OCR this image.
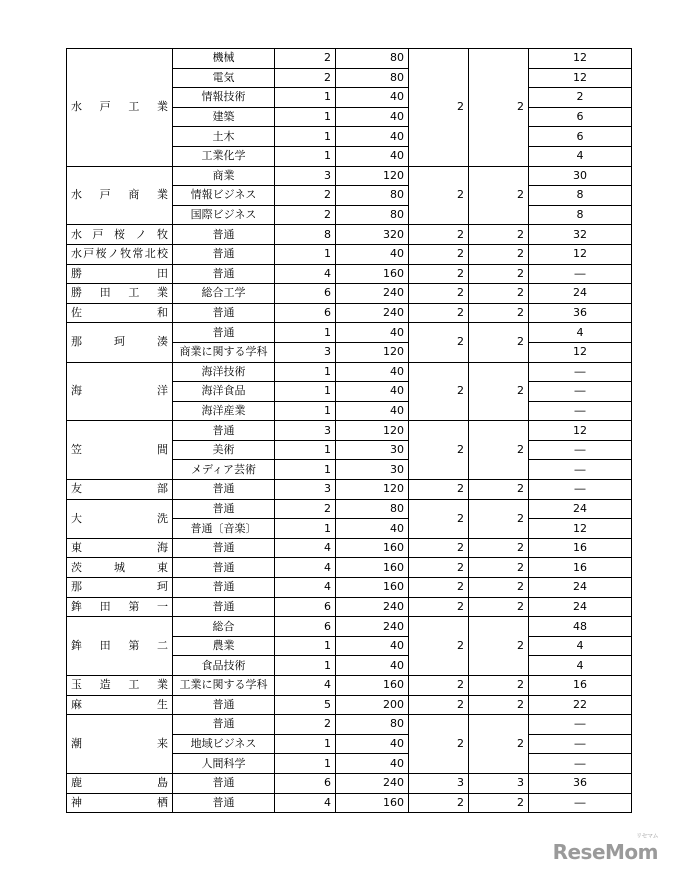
水　戸　工　業	機械	2	80	2	2	12
	電気	2	80			12
	情報技術	1	40			2
	建築	1	40			6
	土木	1	40			6
	工業化学	1	40			4
水　戸　商　業	商業	3	120	2	2	30
	情報ビジネス	2	80			8
	国際ビジネス	2	80			8
水戸桜ノ牧	普通	8	320	2	2	32
水戸桜ノ牧常北校	普通	1	40	2	2	12
勝　　　田	普通	4	160	2	2	―
勝　田　工　業	総合工学	6	240	2	2	24
佐　　　和	普通	6	240	2	2	36
那　珂　湊	普通	1	40	2	2	4
	商業に関する学科	3	120			12
海　　　洋	海洋技術	1	40	2	2	―
	海洋食品	1	40			―
	海洋産業	1	40			―
笠　　　間	普通	3	120	2	2	12
	美術	1	30			―
	メディア芸術	1	30			―
友　　　部	普通	3	120	2	2	―
大　　　洗	普通	2	80	2	2	24
	普通〔音楽〕	1	40			12
東　　　海	普通	4	160	2	2	16
茨　城　東	普通	4	160	2	2	16
那　　　珂	普通	4	160	2	2	24
鉾　田　第　一	普通	6	240	2	2	24
鉾　田　第　二	総合	6	240	2	2	48
	農業	1	40			4
	食品技術	1	40			4
玉　造　工　業	工業に関する学科	4	160	2	2	16
麻　　　生	普通	5	200	2	2	22
潮　　　来	普通	2	80	2	2	―
	地域ビジネス	1	40			―
	人間科学	1	40			―
鹿　　　島	普通	6	240	3	3	36
神　　　栖	普通	4	160	2	2	―
ReseMom
リセマム
